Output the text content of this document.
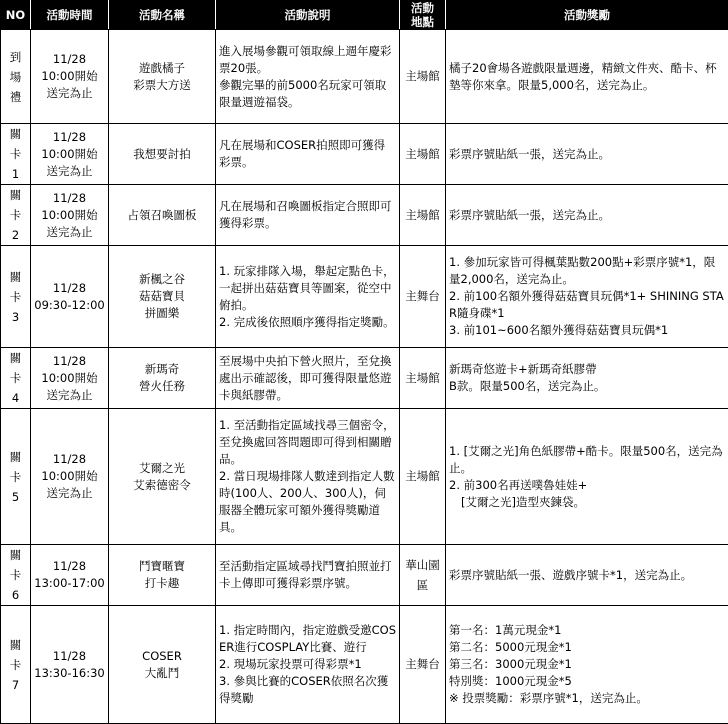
NO	活動時間	活動名稱	活動說明	活動地點	活動獎勵

到場禮	11/28
10:00開始
送完為止	遊戲橘子
彩票大方送	進入展場參觀可領取線上週年慶彩票20張。
參觀完畢的前5000名玩家可領取限量週遊福袋。	主場館	橘子20會場各遊戲限量週邊，精緻文件夾、酷卡、杯墊等你來拿。限量5,000名，送完為止。

關卡1	11/28
10:00開始
送完為止	我想要討拍	凡在展場和COSER拍照即可獲得彩票。	主場館	彩票序號貼紙一張，送完為止。

關卡2	11/28
10:00開始
送完為止	占領召喚圖板	凡在展場和召喚圖板指定合照即可獲得彩票。	主場館	彩票序號貼紙一張，送完為止。

關卡3	11/28
09:30-12:00	新楓之谷
菇菇寶貝
拼圖樂	1. 玩家排隊入場，舉起定點色卡，一起拼出菇菇寶貝等圖案，從空中俯拍。
2. 完成後依照順序獲得指定獎勵。	主舞台	1. 參加玩家皆可得楓葉點數200點+彩票序號*1，限量2,000名，送完為止。
2. 前100名額外獲得菇菇寶貝玩偶*1+ SHINING STAR隨身碟*1
3. 前101~600名額外獲得菇菇寶貝玩偶*1

關卡4	11/28
10:00開始
送完為止	新瑪奇
營火任務	至展場中央拍下營火照片，至兌換處出示確認後，即可獲得限量悠遊卡與紙膠帶。	主場館	新瑪奇悠遊卡+新瑪奇紙膠帶
B款。限量500名，送完為止。

關卡5	11/28
10:00開始
送完為止	艾爾之光
艾索德密令	1. 至活動指定區域找尋三個密令，至兌換處回答問題即可得到相關贈品。
2. 當日現場排隊人數達到指定人數時(100人、200人、300人)，伺服器全體玩家可額外獲得獎勵道具。	主場館	1. [艾爾之光]角色紙膠帶+酷卡。限量500名，送完為止。
2. 前300名再送噗魯娃娃+
[艾爾之光]造型夾鍊袋。

關卡6	11/28
13:00-17:00	鬥寶暱寶
打卡趣	至活動指定區域尋找鬥寶拍照並打卡上傳即可獲得彩票序號。	華山園區	彩票序號貼紙一張、遊戲序號卡*1，送完為止。

關卡7	11/28
13:30-16:30	COSER
大亂鬥	1. 指定時間內，指定遊戲受邀COSER進行COSPLAY比賽、遊行
2. 現場玩家投票可得彩票*1
3. 參與比賽的COSER依照名次獲得獎勵	主舞台	第一名：1萬元現金*1
第二名：5000元現金*1
第三名：3000元現金*1
特別獎：1000元現金*5
※ 投票獎勵：彩票序號*1，送完為止。
